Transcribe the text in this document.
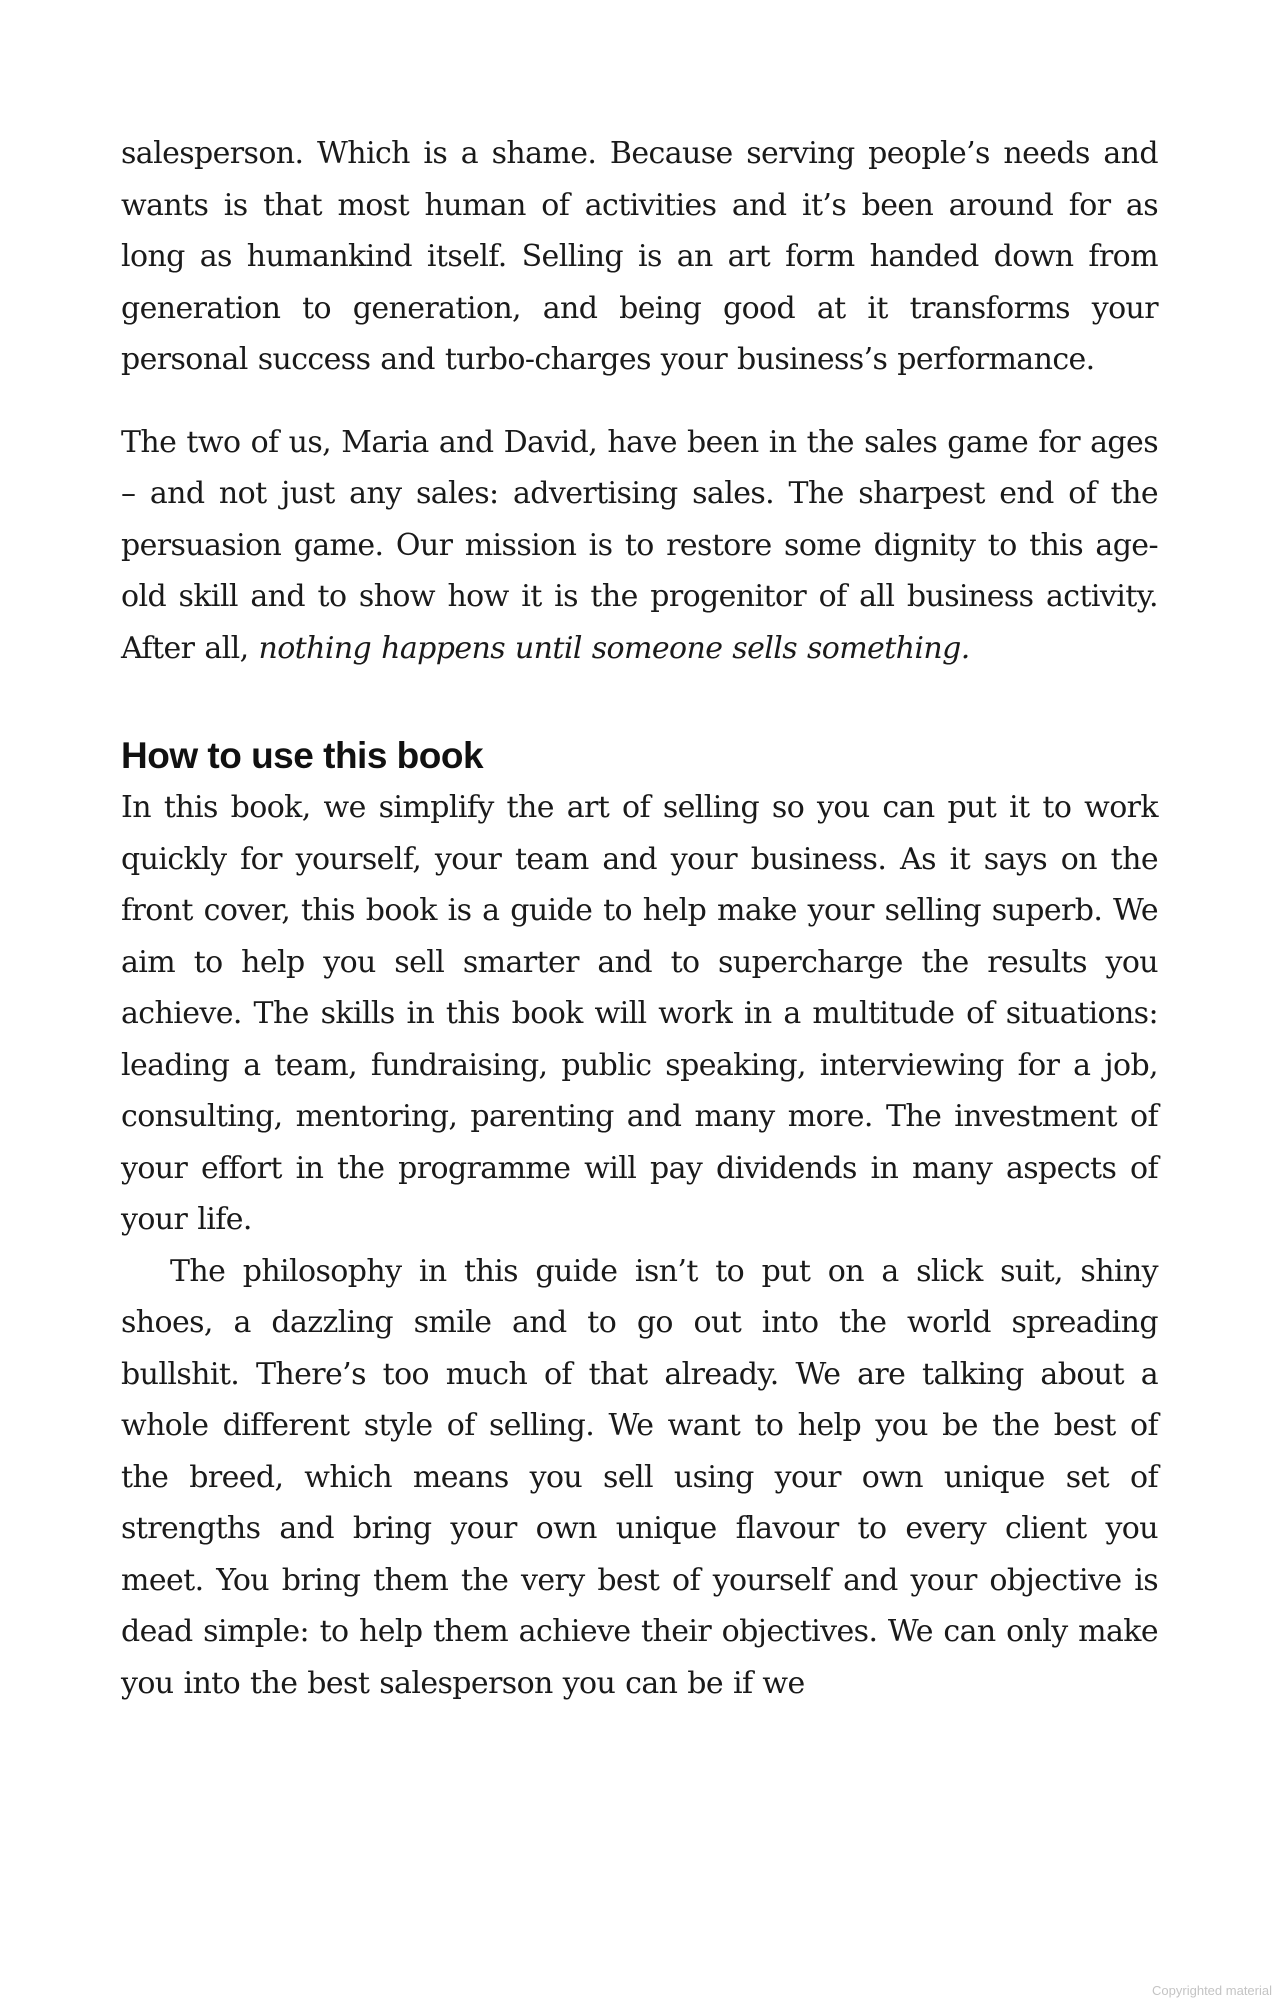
salesperson. Which is a shame. Because serving people’s needs and wants is that most human of activities and it’s been around for as long as humankind itself. Selling is an art form handed down from generation to generation, and being good at it transforms your personal success and turbo-charges your business’s performance.

The two of us, Maria and David, have been in the sales game for ages – and not just any sales: advertising sales. The sharpest end of the persuasion game. Our mission is to restore some dignity to this age-old skill and to show how it is the progenitor of all business activity. After all, nothing happens until someone sells something.

How to use this book

In this book, we simplify the art of selling so you can put it to work quickly for yourself, your team and your business. As it says on the front cover, this book is a guide to help make your selling superb. We aim to help you sell smarter and to supercharge the results you achieve. The skills in this book will work in a multitude of situations: leading a team, fundraising, public speaking, interviewing for a job, consulting, mentoring, parenting and many more. The investment of your effort in the programme will pay dividends in many aspects of your life.

The philosophy in this guide isn’t to put on a slick suit, shiny shoes, a dazzling smile and to go out into the world spreading bullshit. There’s too much of that already. We are talking about a whole different style of selling. We want to help you be the best of the breed, which means you sell using your own unique set of strengths and bring your own unique flavour to every client you meet. You bring them the very best of yourself and your objective is dead simple: to help them achieve their objectives. We can only make you into the best salesperson you can be if we

Copyrighted material
